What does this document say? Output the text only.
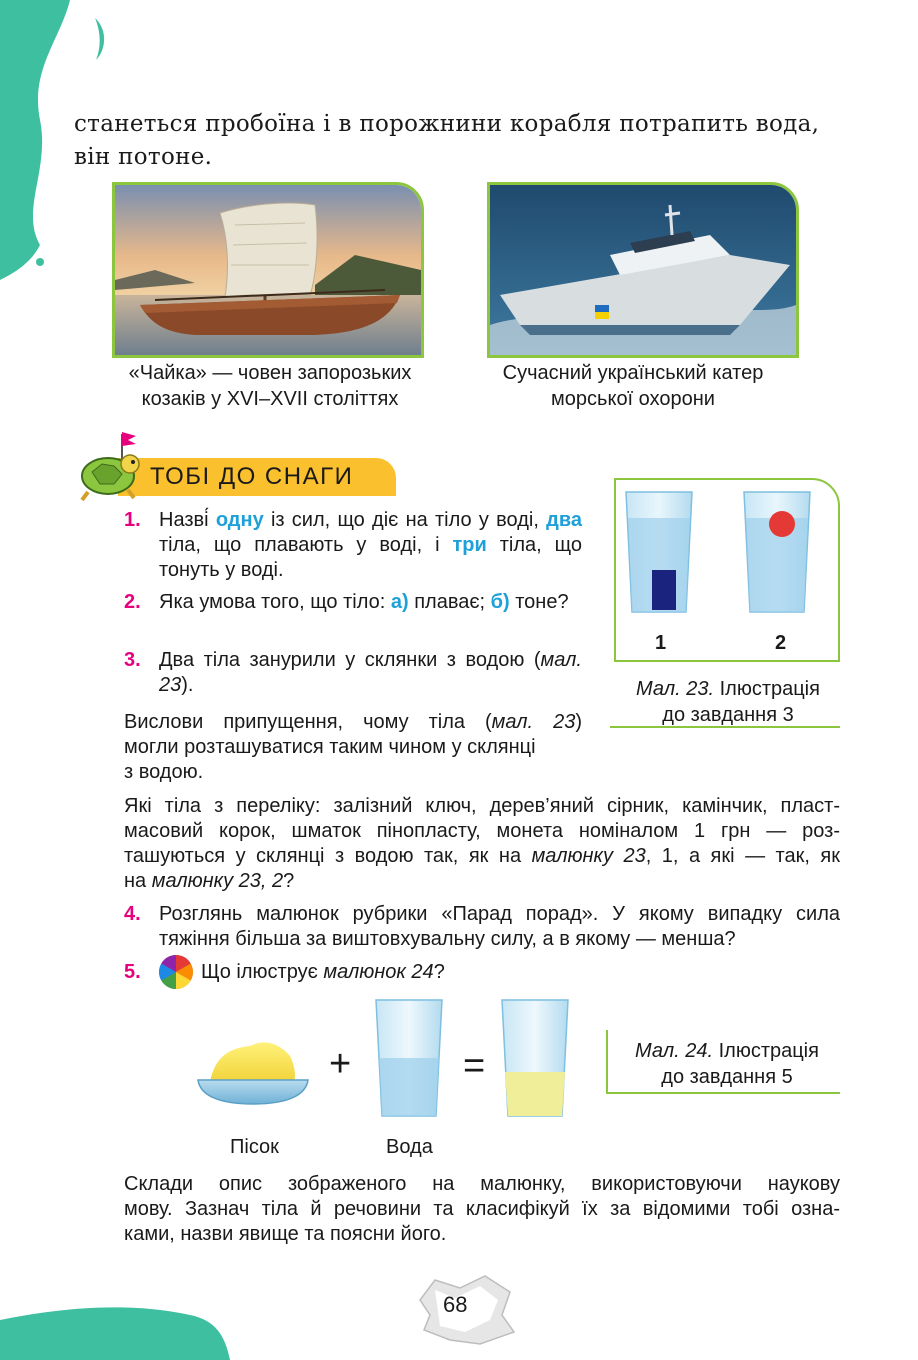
станеться пробоїна і в порожнини корабля потрапить вода,
він потоне.
«Чайка» — човен запорозьких
козаків у XVI–XVII століттях
Сучасний український катер
морської охорони
ТОБІ ДО СНАГИ
1. Назві́ одну із сил, що діє на тіло у воді, два тіла, що плавають у воді, і три тіла, що тонуть у воді.
2. Яка умова того, що тіло: а) плаває; б) тоне?
3. Два тіла занурили у склянки з водою (мал. 23).
Вислови припущення, чому тіла (мал. 23)
могли розташуватися таким чином у склянці
з водою.
1	2
Мал. 23. Ілюстрація
до завдання 3
Які тіла з переліку: залізний ключ, дерев’яний сірник, камінчик, пласт-
масовий корок, шматок пінопласту, монета номіналом 1 грн — роз-
ташуються у склянці з водою так, як на малюнку 23, 1, а які — так, як
на малюнку 23, 2?
4. Розглянь малюнок рубрики «Парад порад». У якому випадку сила
тяжіння більша за виштовхувальну силу, а в якому — менша?
5.	Що ілюструє малюнок 24?
+	=
Пісок	Вода
Мал. 24. Ілюстрація
до завдання 5
Склади опис зображеного на малюнку, використовуючи наукову
мову. Зазнач тіла й речовини та класифікуй їх за відомими тобі озна-
ками, назви явище та поясни його.
68
